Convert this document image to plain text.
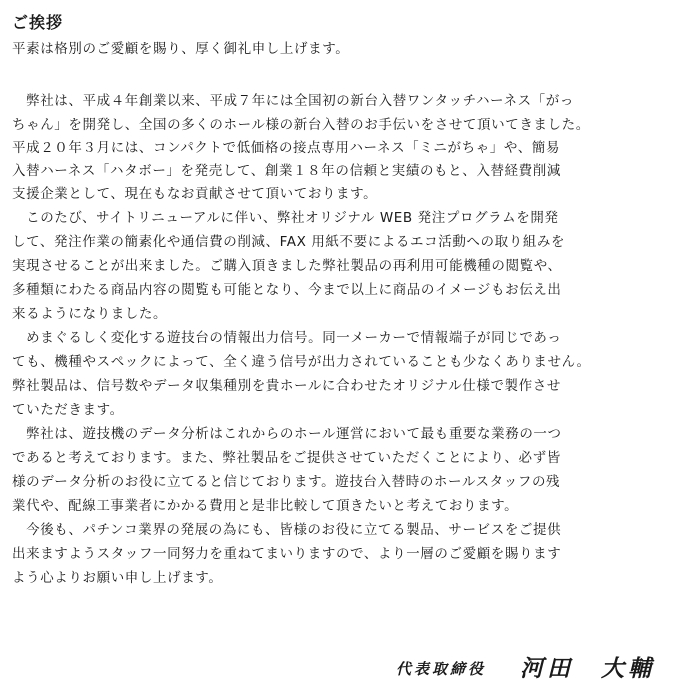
ご挨拶
平素は格別のご愛顧を賜り、厚く御礼申し上げます。
　弊社は、平成４年創業以来、平成７年には全国初の新台入替ワンタッチハーネス「がっ
ちゃん」を開発し、全国の多くのホール様の新台入替のお手伝いをさせて頂いてきました。
平成２０年３月には、コンパクトで低価格の接点専用ハーネス「ミニがちゃ」や、簡易
入替ハーネス「ハタボー」を発売して、創業１８年の信頼と実績のもと、入替経費削減
支援企業として、現在もなお貢献させて頂いております。
　このたび、サイトリニューアルに伴い、弊社オリジナル WEB 発注プログラムを開発
して、発注作業の簡素化や通信費の削減、FAX 用紙不要によるエコ活動への取り組みを
実現させることが出来ました。ご購入頂きました弊社製品の再利用可能機種の閲覧や、
多種類にわたる商品内容の閲覧も可能となり、今まで以上に商品のイメージもお伝え出
来るようになりました。
　めまぐるしく変化する遊技台の情報出力信号。同一メーカーで情報端子が同じであっ
ても、機種やスペックによって、全く違う信号が出力されていることも少なくありません。
弊社製品は、信号数やデータ収集種別を貴ホールに合わせたオリジナル仕様で製作させ
ていただきます。
　弊社は、遊技機のデータ分析はこれからのホール運営において最も重要な業務の一つ
であると考えております。また、弊社製品をご提供させていただくことにより、必ず皆
様のデータ分析のお役に立てると信じております。遊技台入替時のホールスタッフの残
業代や、配線工事業者にかかる費用と是非比較して頂きたいと考えております。
　今後も、パチンコ業界の発展の為にも、皆様のお役に立てる製品、サービスをご提供
出来ますようスタッフ一同努力を重ねてまいりますので、より一層のご愛顧を賜ります
よう心よりお願い申し上げます。
代表取締役 河田　大輔
